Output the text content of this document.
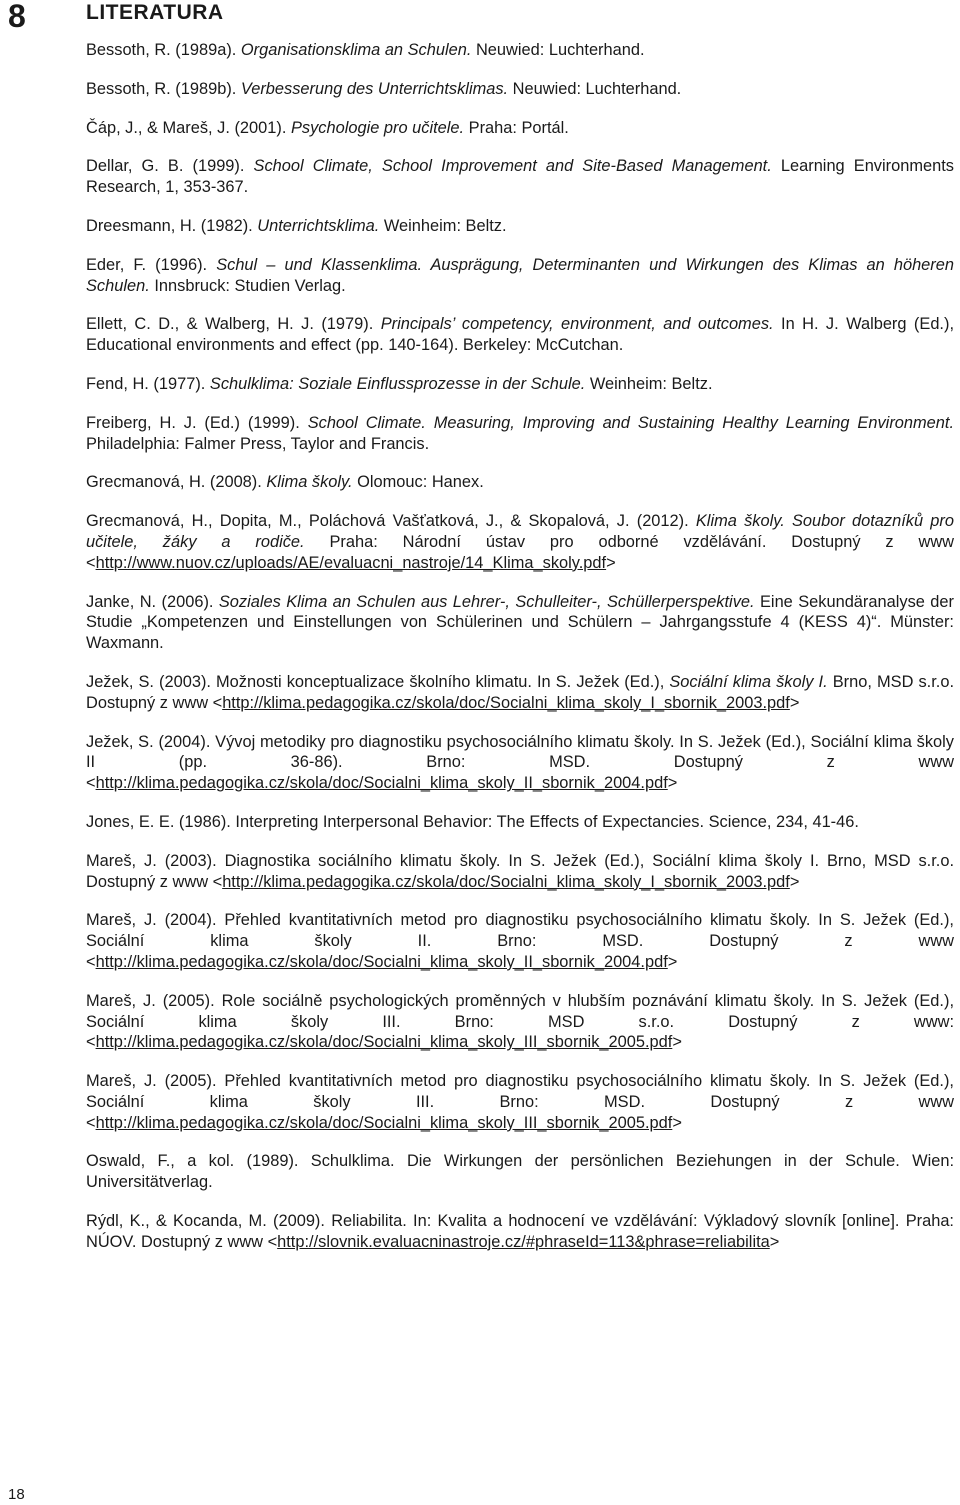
8	LITERATURA

Bessoth, R. (1989a). Organisationsklima an Schulen. Neuwied: Luchterhand.

Bessoth, R. (1989b). Verbesserung des Unterrichtsklimas. Neuwied: Luchterhand.

Čáp, J., & Mareš, J. (2001). Psychologie pro učitele. Praha: Portál.

Dellar, G. B. (1999). School Climate, School Improvement and Site-Based Management. Learning Environments Research, 1, 353-367.

Dreesmann, H. (1982). Unterrichtsklima. Weinheim: Beltz.

Eder, F. (1996). Schul – und Klassenklima. Ausprägung, Determinanten und Wirkungen des Klimas an höheren Schulen. Innsbruck: Studien Verlag.

Ellett, C. D., & Walberg, H. J. (1979). Principals’ competency, environment, and outcomes. In H. J. Walberg (Ed.), Educational environments and effect (pp. 140-164). Berkeley: McCutchan.

Fend, H. (1977). Schulklima: Soziale Einflussprozesse in der Schule. Weinheim: Beltz.

Freiberg, H. J. (Ed.) (1999). School Climate. Measuring, Improving and Sustaining Healthy Learning Environment. Philadelphia: Falmer Press, Taylor and Francis.

Grecmanová, H. (2008). Klima školy. Olomouc: Hanex.

Grecmanová, H., Dopita, M., Poláchová Vašťatková, J., & Skopalová, J. (2012). Klima školy. Soubor dotazníků pro učitele, žáky a rodiče. Praha: Národní ústav pro odborné vzdělávání. Dostupný z www <http://www.nuov.cz/uploads/AE/evaluacni_nastroje/14_Klima_skoly.pdf>

Janke, N. (2006). Soziales Klima an Schulen aus Lehrer-, Schulleiter-, Schüllerperspektive. Eine Sekundäranalyse der Studie „Kompetenzen und Einstellungen von Schülerinen und Schülern – Jahrgangsstufe 4 (KESS 4)“. Münster: Waxmann.

Ježek, S. (2003). Možnosti konceptualizace školního klimatu. In S. Ježek (Ed.), Sociální klima školy I. Brno, MSD s.r.o. Dostupný z www <http://klima.pedagogika.cz/skola/doc/Socialni_klima_skoly_I_sbornik_2003.pdf>

Ježek, S. (2004). Vývoj metodiky pro diagnostiku psychosociálního klimatu školy. In S. Ježek (Ed.), Sociální klima školy II (pp. 36-86). Brno: MSD. Dostupný z www <http://klima.pedagogika.cz/skola/doc/Socialni_klima_skoly_II_sbornik_2004.pdf>

Jones, E. E. (1986). Interpreting Interpersonal Behavior: The Effects of Expectancies. Science, 234, 41-46.

Mareš, J. (2003). Diagnostika sociálního klimatu školy. In S. Ježek (Ed.), Sociální klima školy I. Brno, MSD s.r.o. Dostupný z www <http://klima.pedagogika.cz/skola/doc/Socialni_klima_skoly_I_sbornik_2003.pdf>

Mareš, J. (2004). Přehled kvantitativních metod pro diagnostiku psychosociálního klimatu školy. In S. Ježek (Ed.), Sociální klima školy II. Brno: MSD. Dostupný z www <http://klima.pedagogika.cz/skola/doc/Socialni_klima_skoly_II_sbornik_2004.pdf>

Mareš, J. (2005). Role sociálně psychologických proměnných v hlubším poznávání klimatu školy. In S. Ježek (Ed.), Sociální klima školy III. Brno: MSD s.r.o. Dostupný z www: <http://klima.pedagogika.cz/skola/doc/Socialni_klima_skoly_III_sbornik_2005.pdf>

Mareš, J. (2005). Přehled kvantitativních metod pro diagnostiku psychosociálního klimatu školy. In S. Ježek (Ed.), Sociální klima školy III. Brno: MSD. Dostupný z www <http://klima.pedagogika.cz/skola/doc/Socialni_klima_skoly_III_sbornik_2005.pdf>

Oswald, F., a kol. (1989). Schulklima. Die Wirkungen der persönlichen Beziehungen in der Schule. Wien: Universitätverlag.

Rýdl, K., & Kocanda, M. (2009). Reliabilita. In: Kvalita a hodnocení ve vzdělávání: Výkladový slovník [online]. Praha: NÚOV. Dostupný z www <http://slovnik.evaluacninastroje.cz/#phraseId=113&phrase=reliabilita>

18
